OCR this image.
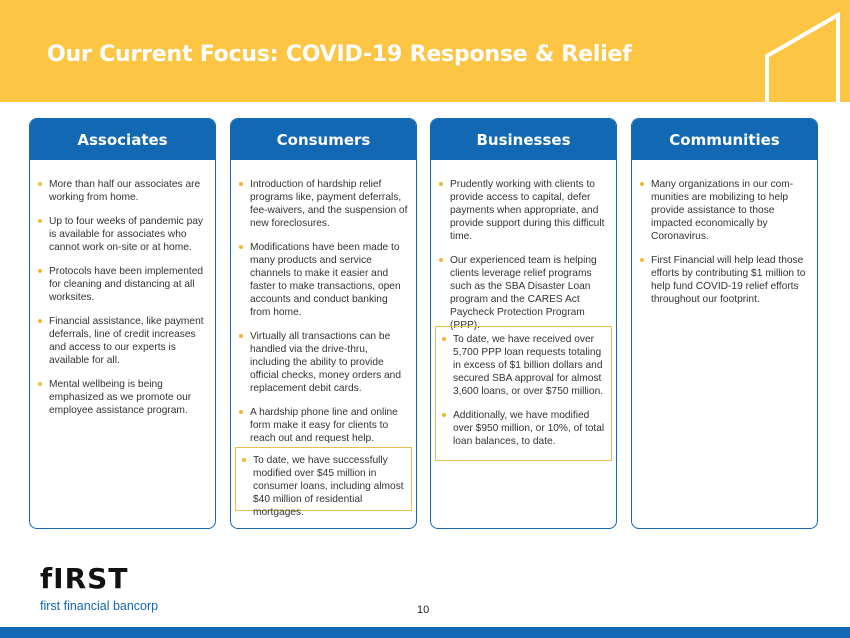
Our Current Focus: COVID-19 Response & Relief
Associates
More than half our associates are working from home.
Up to four weeks of pandemic pay is available for associates who cannot work on-site or at home.
Protocols have been implemented for cleaning and distancing at all worksites.
Financial assistance, like payment deferrals, line of credit increases and access to our experts is available for all.
Mental wellbeing is being emphasized as we promote our employee assistance program.
Consumers
Introduction of hardship relief programs like, payment deferrals, fee-waivers, and the suspension of new foreclosures.
Modifications have been made to many products and service channels to make it easier and faster to make transactions, open accounts and conduct banking from home.
Virtually all transactions can be handled via the drive-thru, including the ability to provide official checks, money orders and replacement debit cards.
A hardship phone line and online form make it easy for clients to reach out and request help.
To date, we have successfully modified over $45 million in consumer loans, including almost $40 million of residential mortgages.
Businesses
Prudently working with clients to provide access to capital, defer payments when appropriate, and provide support during this difficult time.
Our experienced team is helping clients leverage relief programs such as the SBA Disaster Loan program and the CARES Act Paycheck Protection Program (PPP).
To date, we have received over 5,700 PPP loan requests totaling in excess of $1 billion dollars and secured SBA approval for almost 3,600 loans, or over $750 million.
Additionally, we have modified over $950 million, or 10%, of total loan balances, to date.
Communities
Many organizations in our com-munities are mobilizing to help provide assistance to those impacted economically by Coronavirus.
First Financial will help lead those efforts by contributing $1 million to help fund COVID-19 relief efforts throughout our footprint.
fIRST
first financial bancorp	10
